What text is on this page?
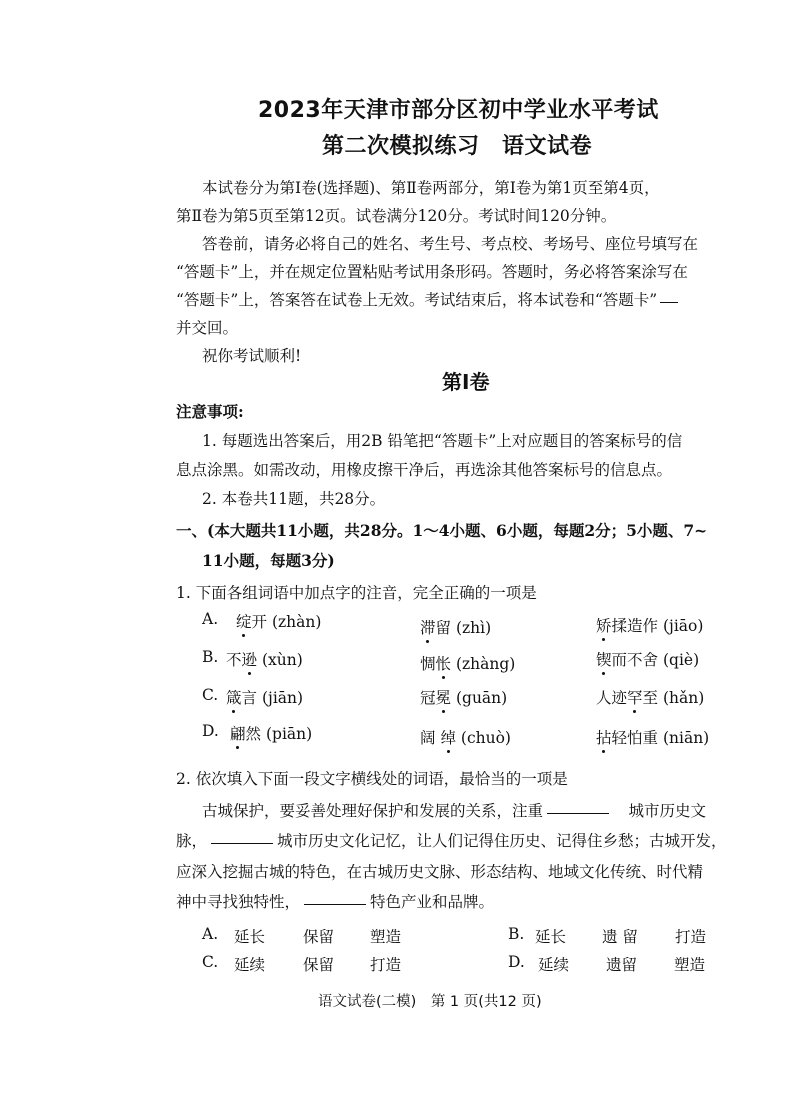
2023年天津市部分区初中学业水平考试
第二次模拟练习　语文试卷
本试卷分为第Ⅰ卷(选择题)、第Ⅱ卷两部分，第Ⅰ卷为第1页至第4页，
第Ⅱ卷为第5页至第12页。试卷满分120分。考试时间120分钟。
答卷前，请务必将自己的姓名、考生号、考点校、考场号、座位号填写在
“答题卡”上，并在规定位置粘贴考试用条形码。答题时，务必将答案涂写在
“答题卡”上，答案答在试卷上无效。考试结束后，将本试卷和“答题卡”
并交回。
祝你考试顺利!
第Ⅰ卷
注意事项:
1. 每题选出答案后，用2B 铅笔把“答题卡”上对应题目的答案标号的信
息点涂黑。如需改动，用橡皮擦干净后，再选涂其他答案标号的信息点。
2. 本卷共11题，共28分。
一、(本大题共11小题，共28分。1～4小题、6小题，每题2分；5小题、7~
11小题，每题3分)
1. 下面各组词语中加点字的注音，完全正确的一项是
A. 绽开 (zhàn)	滞留 (zhì)	矫揉造作 (jiāo)
B. 不逊 (xùn)	惆怅 (zhàng)	锲而不舍 (qiè)
C. 箴言 (jiān)	冠冕 (guān)	人迹罕至 (hǎn)
D. 翩然 (piān)	阔 绰 (chuò)	拈轻怕重 (niān)
2. 依次填入下面一段文字横线处的词语，最恰当的一项是
古城保护，要妥善处理好保护和发展的关系，注重　	城市历史文
脉，	城市历史文化记忆，让人们记得住历史、记得住乡愁；古城开发，
应深入挖掘古城的特色，在古城历史文脉、形态结构、地域文化传统、时代精
神中寻找独特性，	特色产业和品牌。
A. 延长 保留 塑造	B. 延长 遗 留 打造
C. 延续 保留 打造	D. 延续 遗留 塑造
语文试卷(二模)　第 1 页(共12 页)
